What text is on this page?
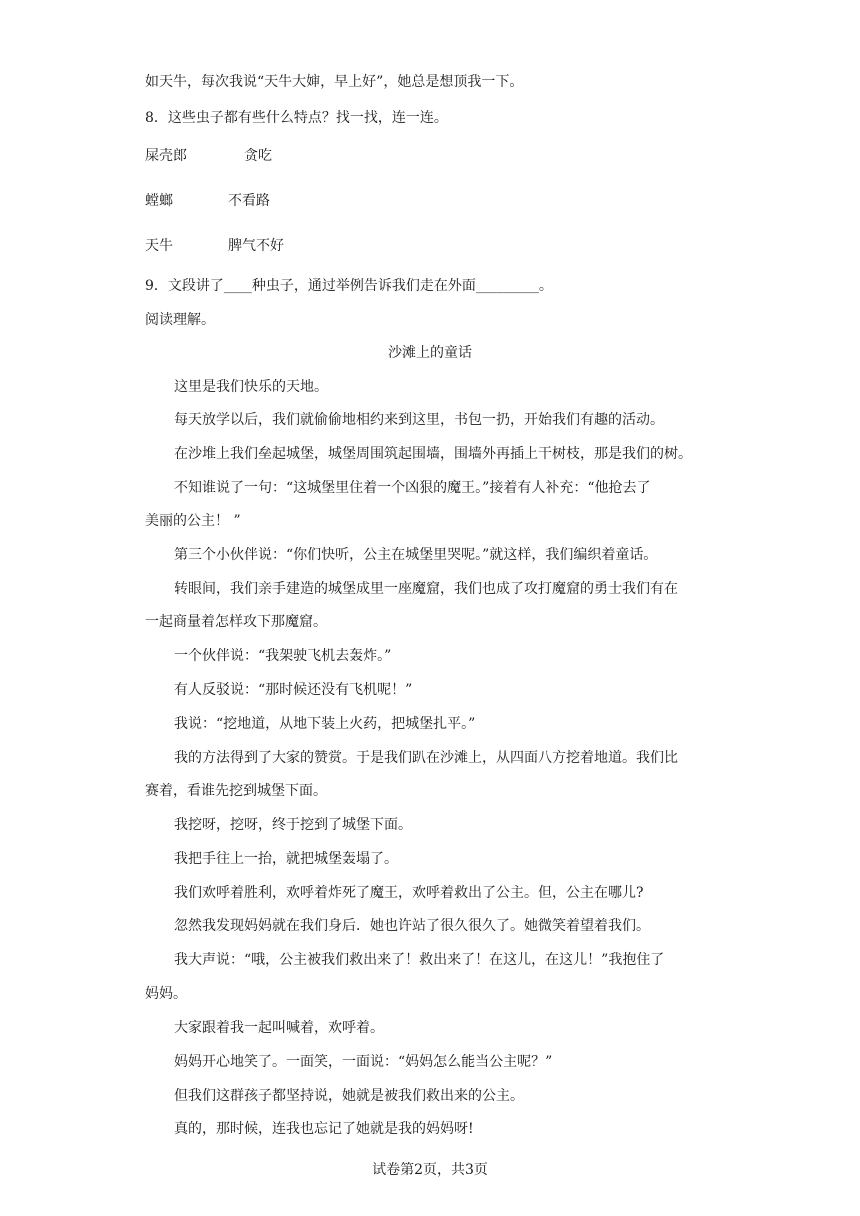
如天牛，每次我说“天牛大婶，早上好”，她总是想顶我一下。
8．这些虫子都有些什么特点？找一找，连一连。
屎壳郎	贪吃
螳螂	不看路
天牛	脾气不好
9．文段讲了____种虫子，通过举例告诉我们走在外面_________。
阅读理解。
沙滩上的童话
这里是我们快乐的天地。
每天放学以后，我们就偷偷地相约来到这里，书包一扔，开始我们有趣的活动。
在沙堆上我们垒起城堡，城堡周围筑起围墙，围墙外再插上干树枝，那是我们的树。
不知谁说了一句：“这城堡里住着一个凶狠的魔王。”接着有人补充：“他抢去了
美丽的公主！ ”
第三个小伙伴说：“你们快听，公主在城堡里哭呢。”就这样，我们编织着童话。
转眼间，我们亲手建造的城堡成里一座魔窟，我们也成了攻打魔窟的勇士我们有在
一起商量着怎样攻下那魔窟。
一个伙伴说：“我架驶飞机去轰炸。”
有人反驳说：“那时候还没有飞机呢！”
我说：“挖地道，从地下装上火药，把城堡扎平。”
我的方法得到了大家的赞赏。于是我们趴在沙滩上，从四面八方挖着地道。我们比
赛着，看谁先挖到城堡下面。
我挖呀，挖呀，终于挖到了城堡下面。
我把手往上一抬，就把城堡轰塌了。
我们欢呼着胜利，欢呼着炸死了魔王，欢呼着救出了公主。但，公主在哪儿?
忽然我发现妈妈就在我们身后．她也许站了很久很久了。她微笑着望着我们。
我大声说：“哦，公主被我们救出来了！救出来了！在这儿，在这儿！”我抱住了
妈妈。
大家跟着我一起叫喊着，欢呼着。
妈妈开心地笑了。一面笑，一面说：“妈妈怎么能当公主呢？”
但我们这群孩子都坚持说，她就是被我们救出来的公主。
真的，那时候，连我也忘记了她就是我的妈妈呀!
试卷第2页，共3页
